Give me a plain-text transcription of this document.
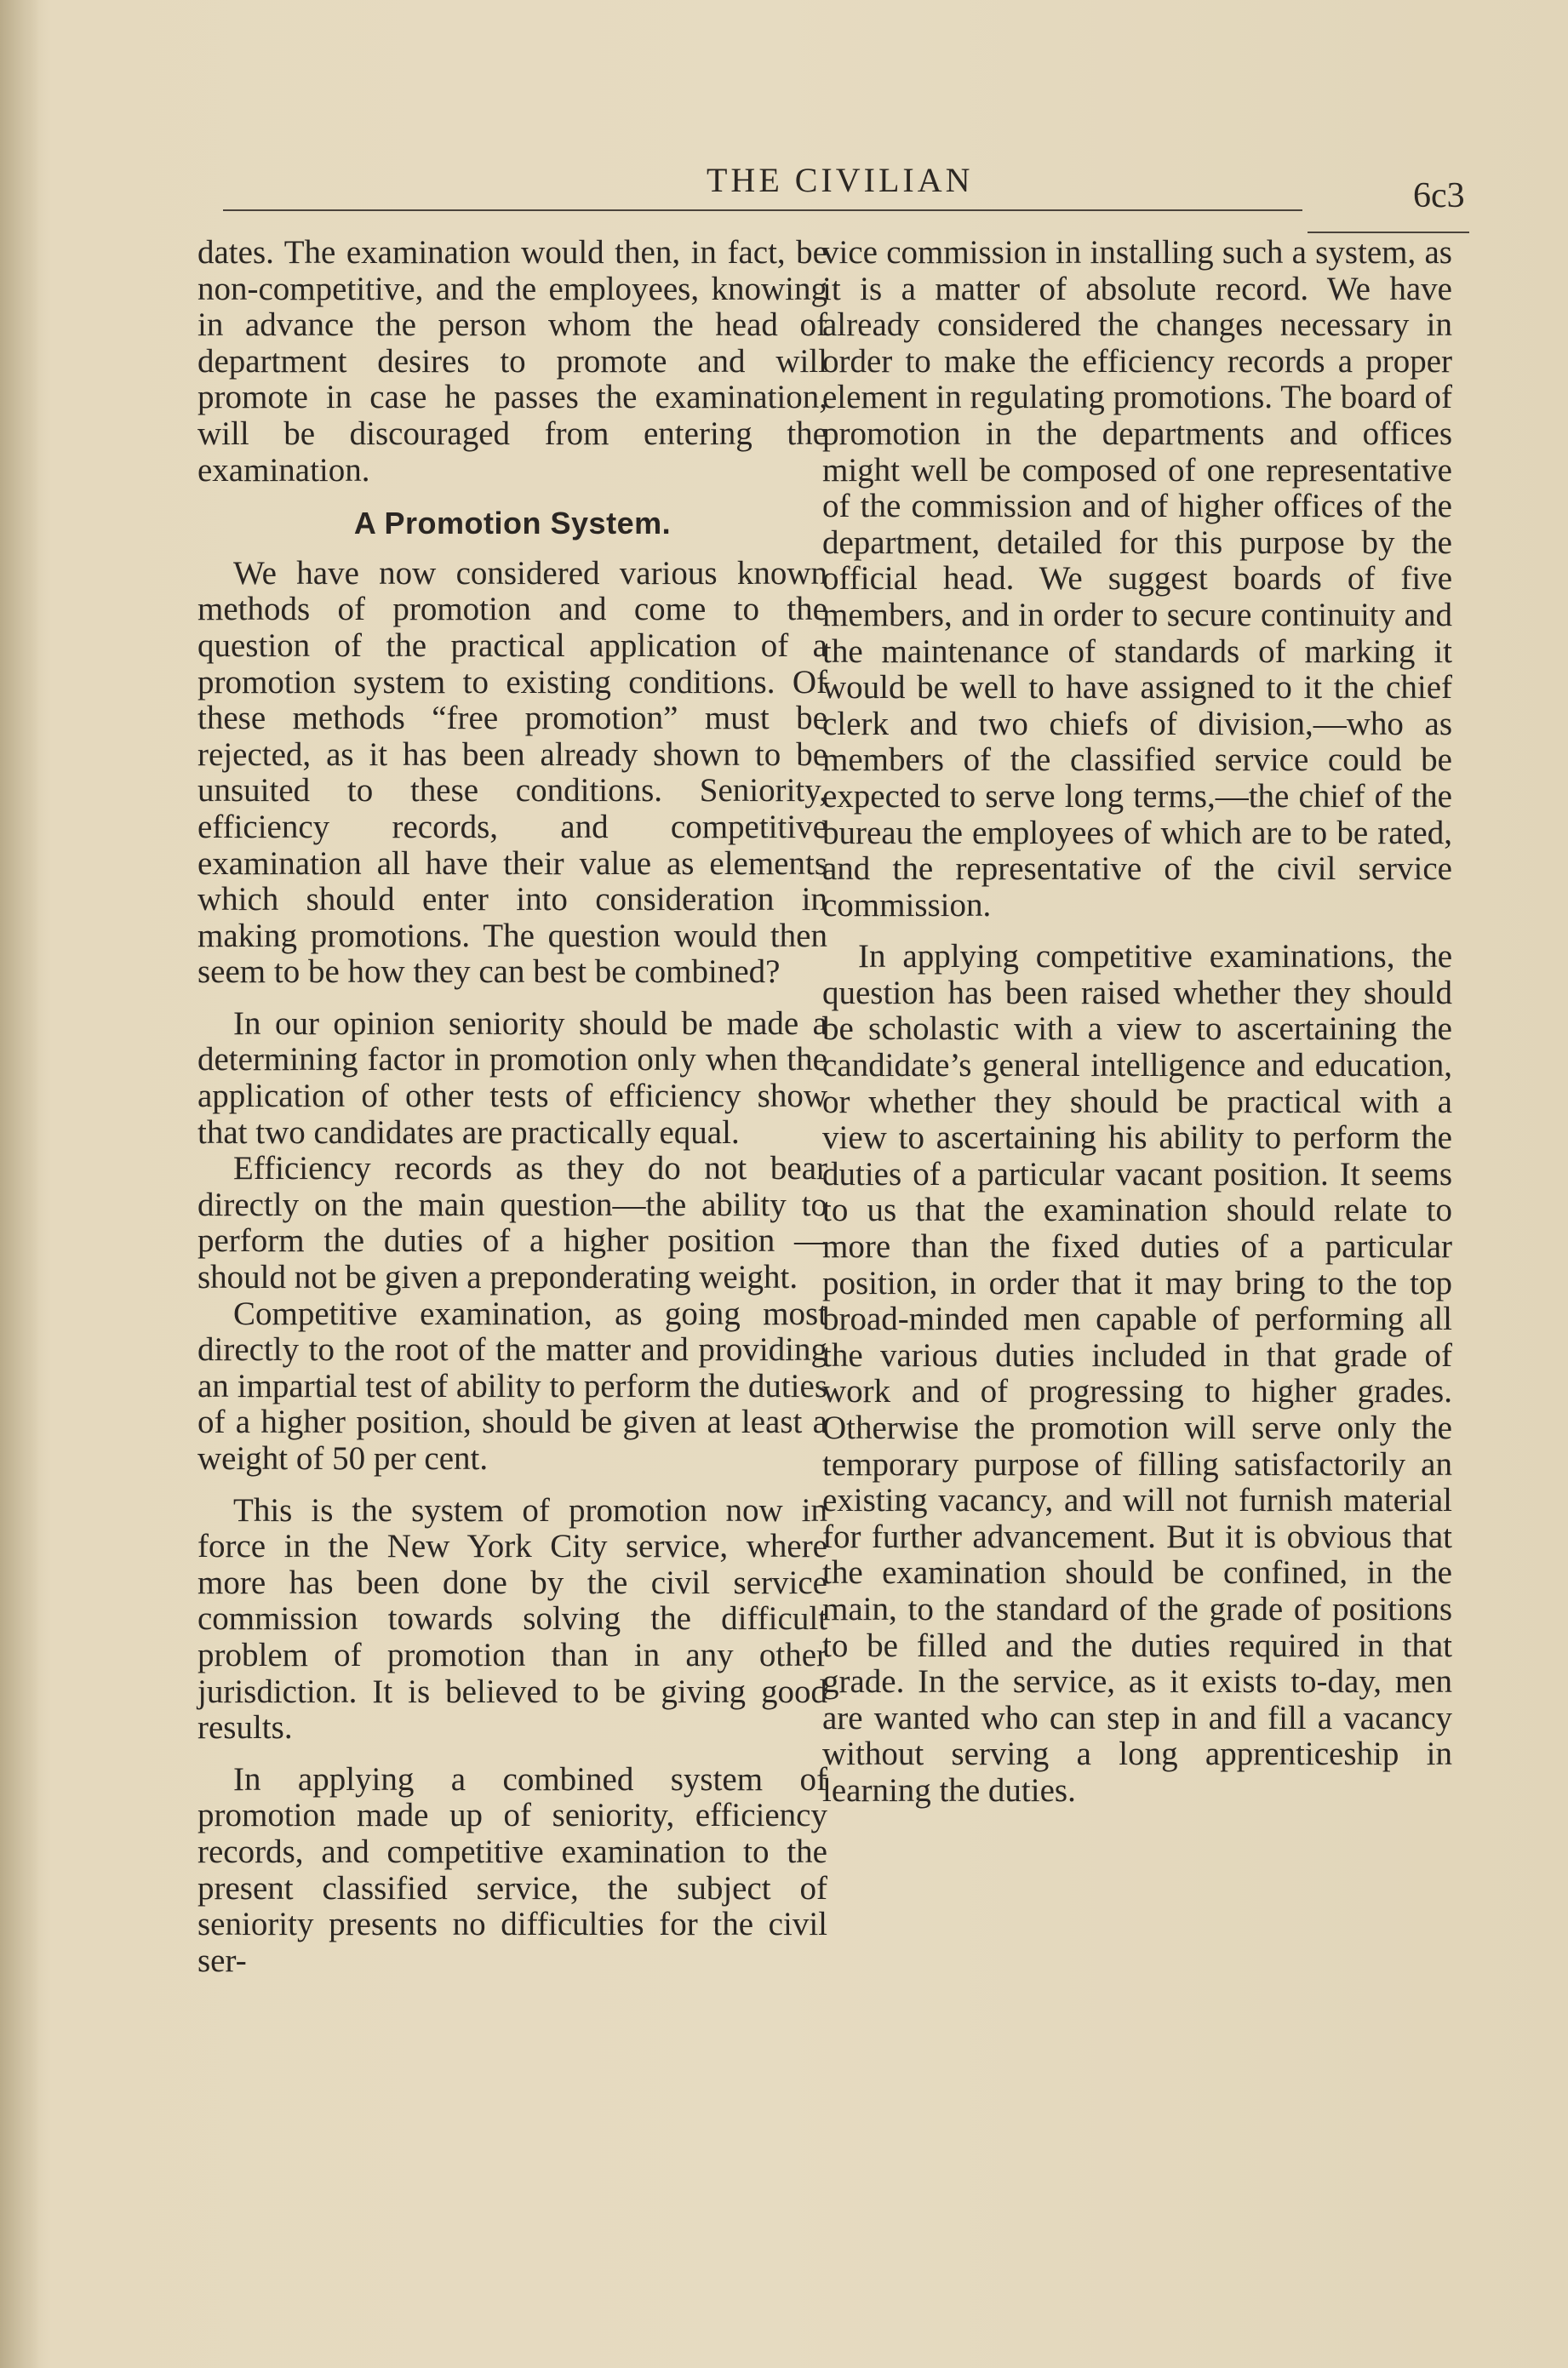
THE CIVILIAN	6c3

dates. The examination would then, in fact, be non-competitive, and the employees, knowing in advance the person whom the head of department desires to promote and will promote in case he passes the examination, will be discouraged from entering the examination.

A Promotion System.

We have now considered various known methods of promotion and come to the question of the practical application of a promotion system to existing conditions. Of these methods “free promotion” must be rejected, as it has been already shown to be unsuited to these conditions. Seniority, efficiency records, and competitive examination all have their value as elements which should enter into consideration in making promotions. The question would then seem to be how they can best be combined?

In our opinion seniority should be made a determining factor in promotion only when the application of other tests of efficiency show that two candidates are practically equal.

Efficiency records as they do not bear directly on the main question—the ability to perform the duties of a higher position — should not be given a preponderating weight.

Competitive examination, as going most directly to the root of the matter and providing an impartial test of ability to perform the duties of a higher position, should be given at least a weight of 50 per cent.

This is the system of promotion now in force in the New York City service, where more has been done by the civil service commission towards solving the difficult problem of promotion than in any other jurisdiction. It is believed to be giving good results.

In applying a combined system of promotion made up of seniority, efficiency records, and competitive examination to the present classified service, the subject of seniority presents no difficulties for the civil ser-

vice commission in installing such a system, as it is a matter of absolute record. We have already considered the changes necessary in order to make the efficiency records a proper element in regulating promotions. The board of promotion in the departments and offices might well be composed of one representative of the commission and of higher offices of the department, detailed for this purpose by the official head. We suggest boards of five members, and in order to secure continuity and the maintenance of standards of marking it would be well to have assigned to it the chief clerk and two chiefs of division,—who as members of the classified service could be expected to serve long terms,—the chief of the bureau the employees of which are to be rated, and the representative of the civil service commission.

In applying competitive examinations, the question has been raised whether they should be scholastic with a view to ascertaining the candidate’s general intelligence and education, or whether they should be practical with a view to ascertaining his ability to perform the duties of a particular vacant position. It seems to us that the examination should relate to more than the fixed duties of a particular position, in order that it may bring to the top broad-minded men capable of performing all the various duties included in that grade of work and of progressing to higher grades. Otherwise the promotion will serve only the temporary purpose of filling satisfactorily an existing vacancy, and will not furnish material for further advancement. But it is obvious that the examination should be confined, in the main, to the standard of the grade of positions to be filled and the duties required in that grade. In the service, as it exists to-day, men are wanted who can step in and fill a vacancy without serving a long apprenticeship in learning the duties.
